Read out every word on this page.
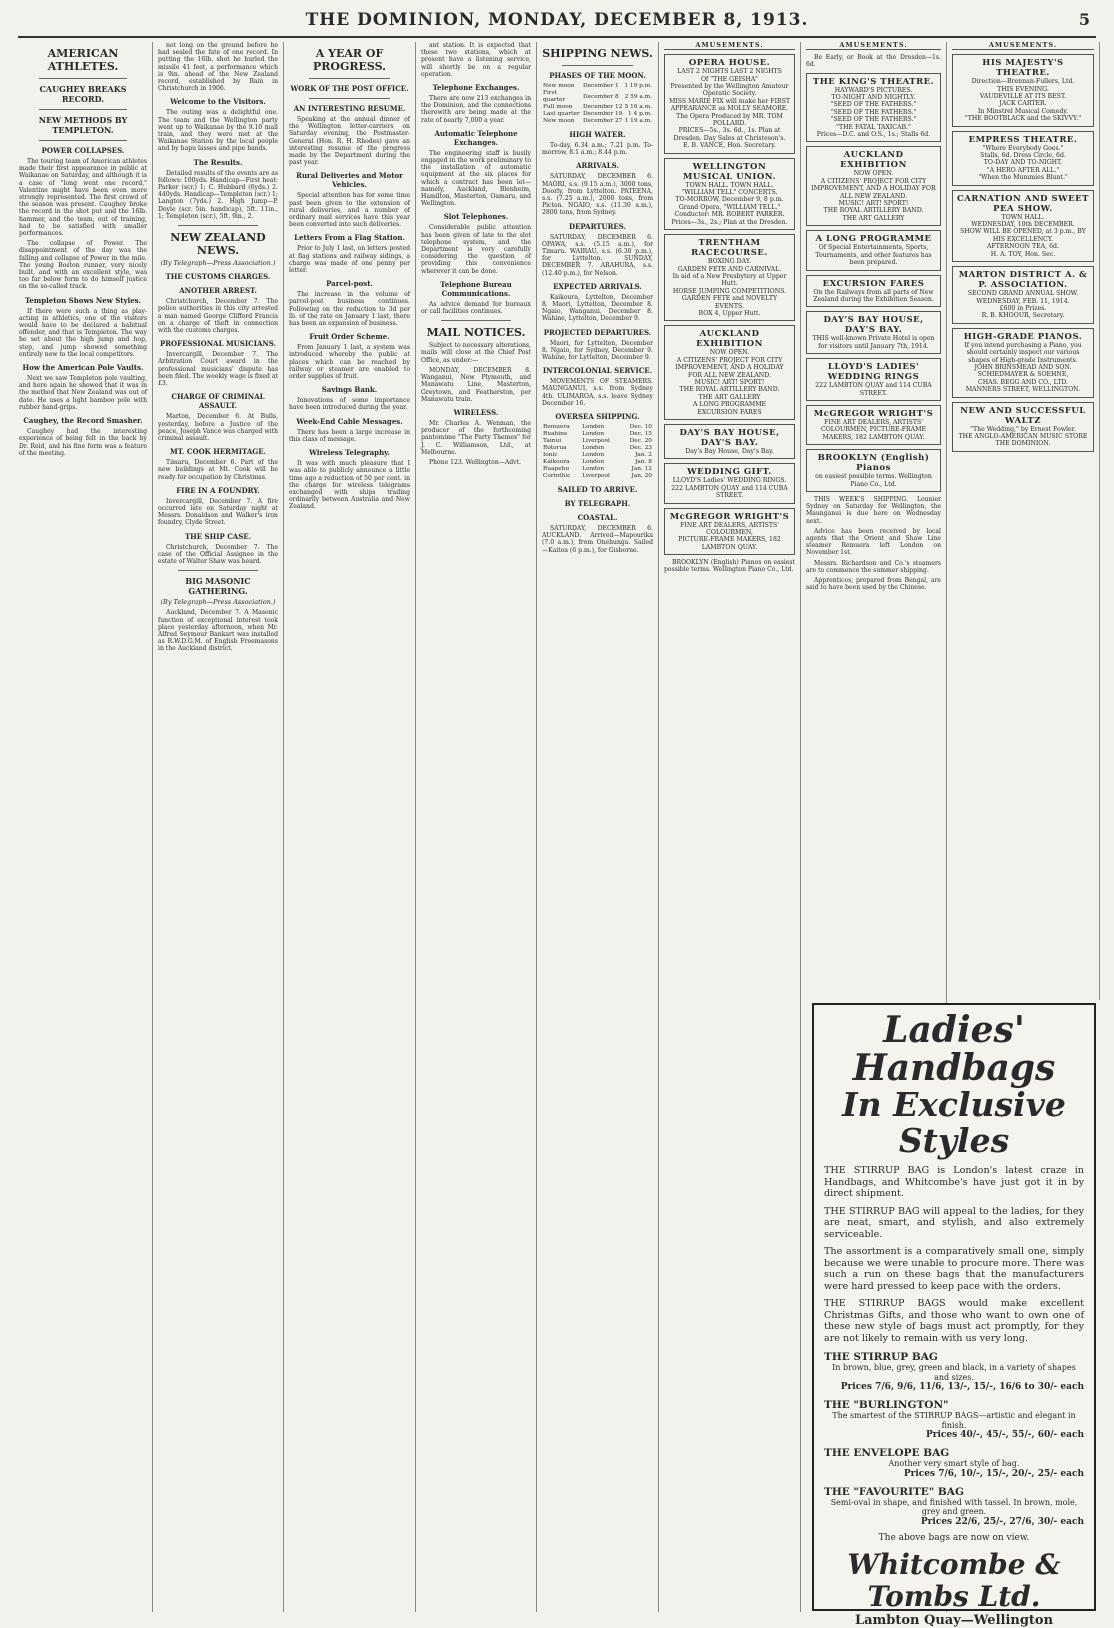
THE DOMINION, MONDAY, DECEMBER 8, 1913.	5
AMERICAN ATHLETES.
CAUGHEY BREAKS RECORD.
NEW METHODS BY TEMPLETON.
POWER COLLAPSES.

The touring team of American athletes made their first appearance in public at Waikanae on Saturday, and although it is a case of "long went one record," Valentine might have been even more strongly represented. The first crowd of the season was present. Caughey broke the record in the shot put and the 16lb. hammer, and the team, out of training, had to be satisfied with smaller performances.

The collapse of Power. The disappointment of the day was the falling and collapse of Power in the mile. The young Boston runner, very nicely built, and with an excellent style, was too far below form to do himself justice on the so-called track.

Templeton Shows New Styles.

If there were such a thing as play-acting in athletics, one of the visitors would have to be declared a habitual offender, and that is Templeton. The way he set about the high jump and hop, step, and jump showed something entirely new to the local competitors.

How the American Pole Vaults.

Next we saw Templeton pole vaulting, and here again he showed that it was in the method that New Zealand was out of date. He uses a light bamboo pole with rubber hand-grips.

Caughey, the Record Smasher.

Caughey had the interesting experience of being felt in the back by Dr. Reid, and his fine form was a feature of the meeting.

not long on the ground before he had sealed the fate of one record. In putting the 16lb. shot he hurled the missile 41 feet, a performance which is 9in. ahead of the New Zealand record, established by Bain in Christchurch in 1906.

Welcome to the Visitors.

The outing was a delightful one. The team and the Wellington party went up to Waikanae by the 9.10 mail train, and they were met at the Waikanae Station by the local people and by hapu lasses and pipe bands.

The Results.

Detailed results of the events are as follows: 100yds. Handicap—First heat: Parker (scr.) 1; C. Hubbard (6yds.) 2. 440yds. Handicap—Templeton (scr.) 1; Langton (7yds.) 2. High Jump—P. Doyle (scr. 5in. handicap), 5ft. 11in., 1; Templeton (scr.), 5ft. 9in., 2.

NEW ZEALAND NEWS.
(By Telegraph—Press Association.)
THE CUSTOMS CHARGES.
ANOTHER ARREST.

Christchurch, December 7. The police authorities in this city arrested a man named George Clifford Francis on a charge of theft in connection with the customs charges.

PROFESSIONAL MUSICIANS.

Invercargill, December 7. The Arbitration Court award in the professional musicians' dispute has been filed. The weekly wage is fixed at £3.

CHARGE OF CRIMINAL ASSAULT.

Marton, December 6. At Bulls, yesterday, before a Justice of the peace, Joseph Vance was charged with criminal assault.

MT. COOK HERMITAGE.

Timaru, December 6. Part of the new buildings at Mt. Cook will be ready for occupation by Christmas.

FIRE IN A FOUNDRY.

Invercargill, December 7. A fire occurred late on Saturday night at Messrs. Donaldson and Walker's iron foundry, Clyde Street.

THE SHIP CASE.

Christchurch, December 7. The case of the Official Assignee in the estate of Walter Shaw was heard.

BIG MASONIC GATHERING.
(By Telegraph—Press Association.)

Auckland, December 7. A Masonic function of exceptional interest took place yesterday afternoon, when Mr. Alfred Seymour Bankart was installed as R.W.D.G.M. of English Freemasons in the Auckland district.

A YEAR OF PROGRESS.
WORK OF THE POST OFFICE.
AN INTERESTING RESUME.

Speaking at the annual dinner of the Wellington letter-carriers on Saturday evening, the Postmaster-General (Hon. R. H. Rhodes) gave an interesting resume of the progress made by the Department during the past year.

Rural Deliveries and Motor Vehicles.

Special attention has for some time past been given to the extension of rural deliveries, and a number of ordinary mail services have this year been converted into such deliveries.

Letters From a Flag Station.

Prior to July 1 last, on letters posted at flag stations and railway sidings, a charge was made of one penny per letter.

Parcel-post.

The increase in the volume of parcel-post business continues. Following on the reduction to 3d per lb. of the rate on January 1 last, there has been an expansion of business.

Fruit Order Scheme.

From January 1 last, a system was introduced whereby the public at places which can be reached by railway or steamer are enabled to order supplies of fruit.

Savings Bank.

Innovations of some importance have been introduced during the year.

Week-End Cable Messages.

There has been a large increase in this class of message.

Wireless Telegraphy.

It was with much pleasure that I was able to publicly announce a little time ago a reduction of 50 per cent. in the charge for wireless telegrams exchanged with ships trading ordinarily between Australia and New Zealand.

ant station. It is expected that these two stations, which at present have a listening service, will shortly be on a regular operation.

Telephone Exchanges.

There are now 213 exchanges in the Dominion, and the connections therewith are being made at the rate of nearly 7,000 a year.

Automatic Telephone Exchanges.

The engineering staff is busily engaged in the work preliminary to the installation of automatic equipment at the six places for which a contract has been let—namely, Auckland, Blenheim, Hamilton, Masterton, Oamaru, and Wellington.

Slot Telephones.

Considerable public attention has been given of late to the slot telephone system, and the Department is very carefully considering the question of providing this convenience wherever it can be done.

Telephone Bureau Communications.

As advice demand for bureaux or call facilities continues.

MAIL NOTICES.

Subject to necessary alterations, mails will close at the Chief Post Office, as under:—

MONDAY, DECEMBER 8. Wanganui, New Plymouth, and Manawatu Line, Masterton, Greytown, and Featherston, per Manawatu train.

WIRELESS.

Mr. Charles A. Wenman, the producer of the forthcoming pantomime "The Party Themes" for J. C. Williamson, Ltd., at Melbourne.

Phone 123. Wellington—Advt.

SHIPPING NEWS.
PHASES OF THE MOON.
New moon	December 1	1 19 p.m.
First quarter	December 8	2 59 a.m.
Full moon	December 12	5 16 a.m.
Last quarter	December 19	1 4 p.m.
New moon	December 27	1 19 a.m.
HIGH WATER.

To-day, 6.34 a.m.; 7.21 p.m. To-morrow, 8.1 a.m.; 8.44 p.m.

ARRIVALS.

SATURDAY, DECEMBER 6. MAORI, s.s. (9.15 a.m.), 3000 tons, Doorly, from Lyttelton. PATEENA, s.s. (7.25 a.m.), 2000 tons, from Picton. NGAIO, s.s. (11.30 a.m.), 2800 tons, from Sydney.

DEPARTURES.

SATURDAY, DECEMBER 6. OPAWA, s.s. (5.15 a.m.), for Timaru. WAIRAU, s.s. (6.30 p.m.), for Lyttelton. SUNDAY, DECEMBER 7. ARAHURA, s.s. (12.40 p.m.), for Nelson.

EXPECTED ARRIVALS.

Kaikoura, Lyttelton, December 8. Maori, Lyttelton, December 8. Ngaio, Wanganui, December 8. Wahine, Lyttelton, December 9.

PROJECTED DEPARTURES.

Maori, for Lyttelton, December 8. Ngaio, for Sydney, December 9. Wahine, for Lyttelton, December 9.

INTERCOLONIAL SERVICE.

MOVEMENTS OF STEAMERS. MAUNGANUI, s.s. from Sydney 4th. ULIMAROA, s.s. leave Sydney December 16.

OVERSEA SHIPPING.
Remuera	London	Dec. 10
Ruahine	London	Dec. 15
Tainui	Liverpool	Dec. 20
Rotorua	London	Dec. 23
Ionic	London	Jan. 2
Kaikoura	London	Jan. 8
Ruapehu	London	Jan. 12
Corinthic	Liverpool	Jan. 20
SAILED TO ARRIVE.
BY TELEGRAPH.
COASTAL.

SATURDAY, DECEMBER 6. AUCKLAND. Arrived—Mapourika (7.0 a.m.), from Onehunga. Sailed—Kaitoa (6 p.m.), for Gisborne.

AMUSEMENTS.
OPERA HOUSE.
LAST 2 NIGHTS LAST 2 NIGHTS
Of "THE GEISHA"
Presented by the Wellington Amateur Operatic Society.
MISS MARIE FIX will make her FIRST APPEARANCE as MOLLY SEAMORE.
The Opera Produced by MR. TOM POLLARD.
PRICES—5s., 3s. 6d., 1s. Plan at Dresden. Day Sales at Christeson's.
E. B. VANCE, Hon. Secretary.
WELLINGTON MUSICAL UNION.
TOWN HALL. TOWN HALL. "WILLIAM TELL" CONCERTS.
TO-MORROW, December 9, 8 p.m.
Grand Opera, "WILLIAM TELL."
Conductor: MR. ROBERT PARKER.
Prices—3s., 2s.; Plan at the Dresden.
TRENTHAM RACECOURSE.
BOXING DAY.
GARDEN FETE AND CARNIVAL.
In aid of a New Presbytery at Upper Hutt.
HORSE JUMPING COMPETITIONS.
GARDEN FETE and NOVELTY EVENTS.
BOX 4, Upper Hutt.
AUCKLAND EXHIBITION
NOW OPEN.
A CITIZENS' PROJECT FOR CITY IMPROVEMENT, AND A HOLIDAY FOR ALL NEW ZEALAND.
MUSIC! ART! SPORT!
THE ROYAL ARTILLERY BAND.
THE ART GALLERY
A LONG PROGRAMME
EXCURSION FARES
DAY'S BAY HOUSE, DAY'S BAY.
Day's Bay House, Day's Bay.
WEDDING GIFT.
LLOYD'S Ladies' WEDDING RINGS.
222 LAMBTON QUAY and 114 CUBA STREET.
McGREGOR WRIGHT'S
FINE ART DEALERS, ARTISTS' COLOURMEN,
PICTURE-FRAME MAKERS, 182 LAMBTON QUAY.

BROOKLYN (English) Pianos on easiest possible terms. Wellington Piano Co., Ltd.

AMUSEMENTS.

Be Early, or Book at the Dresden—1s. 6d.

THE KING'S THEATRE.
HAYWARD'S PICTURES.
TO-NIGHT AND NIGHTLY.
"SEED OF THE FATHERS."
"SEED OF THE FATHERS."
"SEED OF THE FATHERS."
"THE FATAL TAXICAB."
Prices—D.C. and O.S., 1s.; Stalls 6d.
AUCKLAND EXHIBITION
NOW OPEN.
A CITIZENS' PROJECT FOR CITY IMPROVEMENT, AND A HOLIDAY FOR ALL NEW ZEALAND.
MUSIC! ART! SPORT!
THE ROYAL ARTILLERY BAND.
THE ART GALLERY
A LONG PROGRAMME
Of Special Entertainments, Sports, Tournaments, and other features has been prepared.
EXCURSION FARES
On the Railways from all parts of New Zealand during the Exhibition Season.
DAY'S BAY HOUSE, DAY'S BAY.
THIS well-known Private Hotel is open for visitors until January 7th, 1914.
LLOYD'S LADIES' WEDDING RINGS
222 LAMBTON QUAY and 114 CUBA STREET.
McGREGOR WRIGHT'S
FINE ART DEALERS, ARTISTS' COLOURMEN, PICTURE-FRAME MAKERS, 182 LAMBTON QUAY.
BROOKLYN (English) Pianos
on easiest possible terms. Wellington Piano Co., Ltd.

THIS WEEK'S SHIPPING. Lounier Sydney on Saturday for Wellington, the Maunganui is due here on Wednesday next.

Advice has been received by local agents that the Orient and Shaw Line steamer Remuera left London on November 1st.

Messrs. Richardson and Co.'s steamers are to commence the summer shipping.

Apprentices, prepared from Bengal, are said to have been used by the Chinese.

AMUSEMENTS.
HIS MAJESTY'S THEATRE.
Direction—Brennan-Fullers, Ltd.
THIS EVENING.
VAUDEVILLE AT ITS BEST.
JACK CARTER.
In Minstrel Musical Comedy.
"THE BOOTBLACK and the SKIVVY."
EMPRESS THEATRE.
"Where Everybody Goes."
Stalls, 6d. Dress Circle, 6d.
TO-DAY AND TO-NIGHT.
"A HERO AFTER ALL."
"When the Mummies Blunt."
CARNATION AND SWEET PEA SHOW.
TOWN HALL.
WEDNESDAY, 10th DECEMBER.
SHOW WILL BE OPENED, at 3 p.m., BY HIS EXCELLENCY.
AFTERNOON TEA, 6d.
H. A. TOY, Hon. Sec.
MARTON DISTRICT A. & P. ASSOCIATION.
SECOND GRAND ANNUAL SHOW.
WEDNESDAY, FEB. 11, 1914.
£600 in Prizes.
R. B. KHOOUR, Secretary.
HIGH-GRADE PIANOS.
If you intend purchasing a Piano, you should certainly inspect our various shapes of High-grade Instruments.
JOHN BRINSMEAD AND SON.
SCHIEDMAYER & SOEHNE,
CHAS. BEGG AND CO., LTD.
MANNERS STREET, WELLINGTON.
NEW AND SUCCESSFUL WALTZ
"The Wedding," by Ernest Fowler.
THE ANGLO-AMERICAN MUSIC STORE
THE DOMINION.
Ladies' Handbags
In Exclusive Styles
THE STIRRUP BAG is London's latest craze in Handbags, and Whitcombe's have just got it in by direct shipment.
THE STIRRUP BAG will appeal to the ladies, for they are neat, smart, and stylish, and also extremely serviceable.
The assortment is a comparatively small one, simply because we were unable to procure more. There was such a run on these bags that the manufacturers were hard pressed to keep pace with the orders.
THE STIRRUP BAGS would make excellent Christmas Gifts, and those who want to own one of these new style of bags must act promptly, for they are not likely to remain with us very long.
THE STIRRUP BAG
In brown, blue, grey, green and black, in a variety of shapes and sizes.
Prices 7/6, 9/6, 11/6, 13/-, 15/-, 16/6 to 30/- each
THE "BURLINGTON"
The smartest of the STIRRUP BAGS—artistic and elegant in finish.
Prices 40/-, 45/-, 55/-, 60/- each
THE ENVELOPE BAG
Another very smart style of bag.
Prices 7/6, 10/-, 15/-, 20/-, 25/- each
THE "FAVOURITE" BAG
Semi-oval in shape, and finished with tassel. In brown, mole, grey and green.
Prices 22/6, 25/-, 27/6, 30/- each
The above bags are now on view.
Whitcombe & Tombs Ltd.
Lambton Quay—Wellington
